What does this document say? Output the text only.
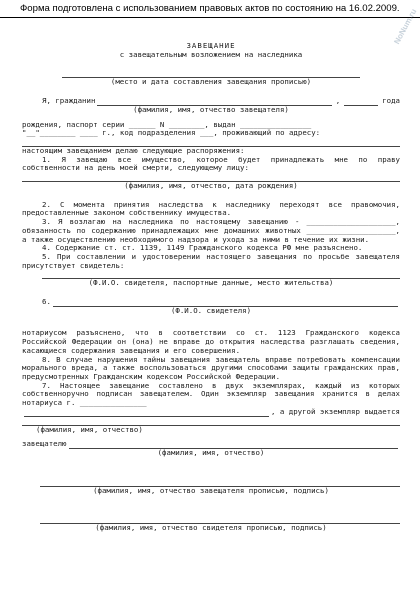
Форма подготовлена с использованием правовых актов по состоянию на 16.02.2009.
NoNum.ru
ЗАВЕЩАНИЕ
с завещательным возложением на наследника
(место и дата составления завещания прописью)
Я, гражданин	,	года
(фамилия, имя, отчество завещателя)
рождения, паспорт серии ______ N ________, выдан ________________
"__"________ ____ г., код подразделения ___, проживающий по адресу:
настоящим завещанием делаю следующие распоряжения:
1. Я завещаю все имущество, которое будет принадлежать мне по праву собственности на день моей смерти, следующему лицу:
(фамилия, имя, отчество, дата рождения)
2. С момента принятия наследства к наследнику переходят все правомочия, предоставленные законом собственнику имущества.
3. Я возлагаю на наследника по настоящему завещанию - ____________________, обязанность по содержанию принадлежащих мне домашних животных ____________________, а также осуществлению необходимого надзора и ухода за ними в течение их жизни.
4. Содержание ст. ст. 1139, 1149 Гражданского кодекса РФ мне разъяснено.
5. При составлении и удостоверении настоящего завещания по просьбе завещателя присутствует свидетель:
(Ф.И.О. свидетеля, паспортные данные, место жительства)
6.
(Ф.И.О. свидетеля)
нотариусом разъяснено, что в соответствии со ст. 1123 Гражданского кодекса Российской Федерации он (она) не вправе до открытия наследства разглашать сведения, касающиеся содержания завещания и его совершения.
8. В случае нарушения тайны завещания завещатель вправе потребовать компенсации морального вреда, а также воспользоваться другими способами защиты гражданских прав, предусмотренных Гражданским кодексом Российской Федерации.
7. Настоящее завещание составлено в двух экземплярах, каждый из которых собственноручно подписан завещателем. Один экземпляр завещания хранится в делах нотариуса г. _______________
, а другой экземпляр выдается
(фамилия, имя, отчество)
завещателю
(фамилия, имя, отчество)
(фамилия, имя, отчество завещателя прописью, подпись)
(фамилия, имя, отчество свидетеля прописью, подпись)
